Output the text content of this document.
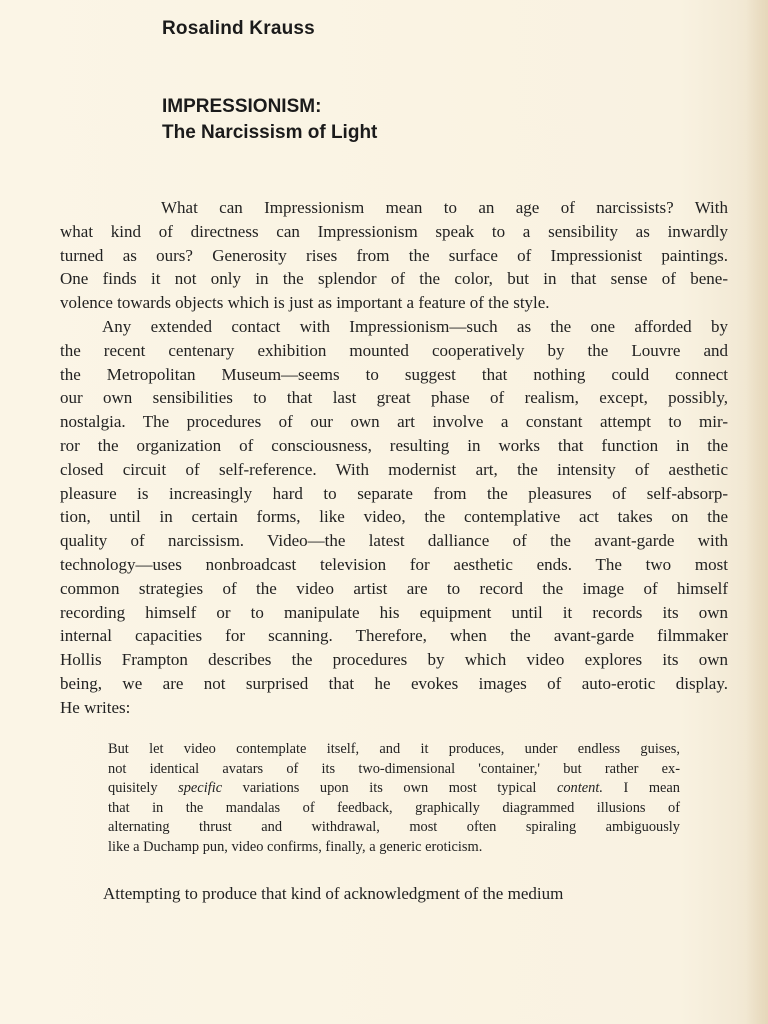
Rosalind Krauss
IMPRESSIONISM:
The Narcissism of Light
What can Impressionism mean to an age of narcissists? With
what kind of directness can Impressionism speak to a sensibility as inwardly
turned as ours? Generosity rises from the surface of Impressionist paintings.
One finds it not only in the splendor of the color, but in that sense of bene-
volence towards objects which is just as important a feature of the style.
Any extended contact with Impressionism—such as the one afforded by
the recent centenary exhibition mounted cooperatively by the Louvre and
the Metropolitan Museum—seems to suggest that nothing could connect
our own sensibilities to that last great phase of realism, except, possibly,
nostalgia. The procedures of our own art involve a constant attempt to mir-
ror the organization of consciousness, resulting in works that function in the
closed circuit of self-reference. With modernist art, the intensity of aesthetic
pleasure is increasingly hard to separate from the pleasures of self-absorp-
tion, until in certain forms, like video, the contemplative act takes on the
quality of narcissism. Video—the latest dalliance of the avant-garde with
technology—uses nonbroadcast television for aesthetic ends. The two most
common strategies of the video artist are to record the image of himself
recording himself or to manipulate his equipment until it records its own
internal capacities for scanning. Therefore, when the avant-garde filmmaker
Hollis Frampton describes the procedures by which video explores its own
being, we are not surprised that he evokes images of auto-erotic display.
He writes:
But let video contemplate itself, and it produces, under endless guises,
not identical avatars of its two-dimensional 'container,' but rather ex-
quisitely specific variations upon its own most typical content. I mean
that in the mandalas of feedback, graphically diagrammed illusions of
alternating thrust and withdrawal, most often spiraling ambiguously
like a Duchamp pun, video confirms, finally, a generic eroticism.

Attempting to produce that kind of acknowledgment of the medium
